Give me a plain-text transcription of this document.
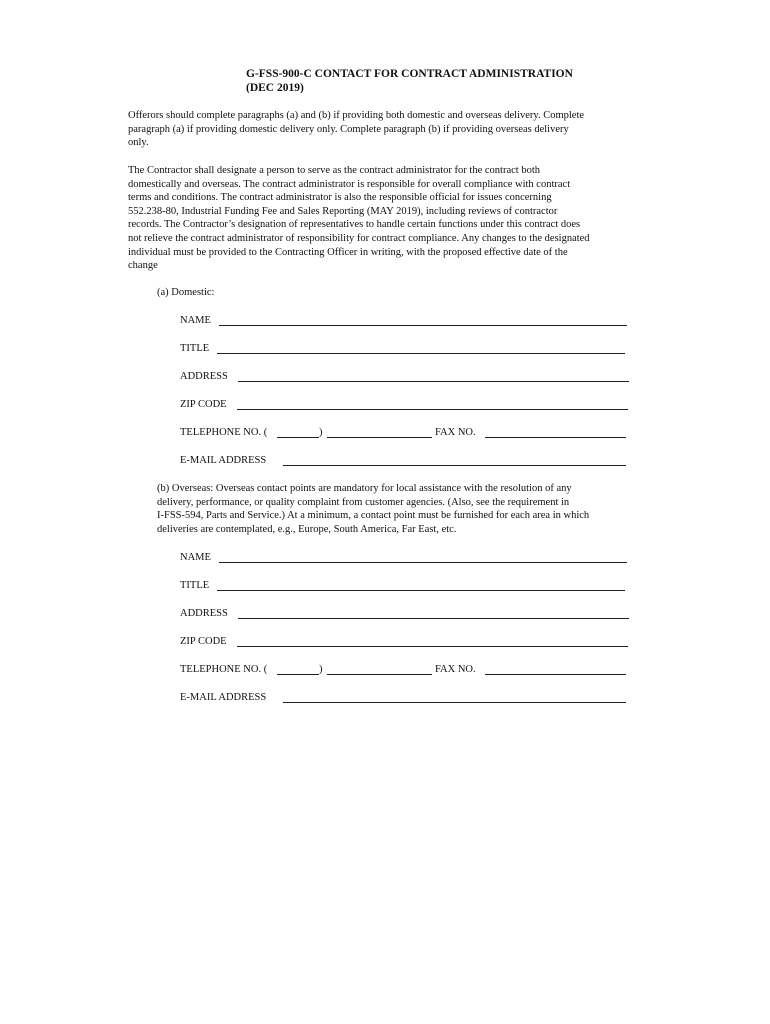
G-FSS-900-C CONTACT FOR CONTRACT ADMINISTRATION
(DEC 2019)

Offerors should complete paragraphs (a) and (b) if providing both domestic and overseas delivery. Complete
paragraph (a) if providing domestic delivery only. Complete paragraph (b) if providing overseas delivery
only.

The Contractor shall designate a person to serve as the contract administrator for the contract both
domestically and overseas. The contract administrator is responsible for overall compliance with contract
terms and conditions. The contract administrator is also the responsible official for issues concerning
552.238-80, Industrial Funding Fee and Sales Reporting (MAY 2019), including reviews of contractor
records. The Contractor’s designation of representatives to handle certain functions under this contract does
not relieve the contract administrator of responsibility for contract compliance. Any changes to the designated
individual must be provided to the Contracting Officer in writing, with the proposed effective date of the
change

(a) Domestic:
NAME
TITLE
ADDRESS
ZIP CODE
TELEPHONE NO. (	)	FAX NO.
E-MAIL ADDRESS
(b) Overseas: Overseas contact points are mandatory for local assistance with the resolution of any
delivery, performance, or quality complaint from customer agencies. (Also, see the requirement in
I-FSS-594, Parts and Service.) At a minimum, a contact point must be furnished for each area in which
deliveries are contemplated, e.g., Europe, South America, Far East, etc.
NAME
TITLE
ADDRESS
ZIP CODE
TELEPHONE NO. (	)	FAX NO.
E-MAIL ADDRESS
